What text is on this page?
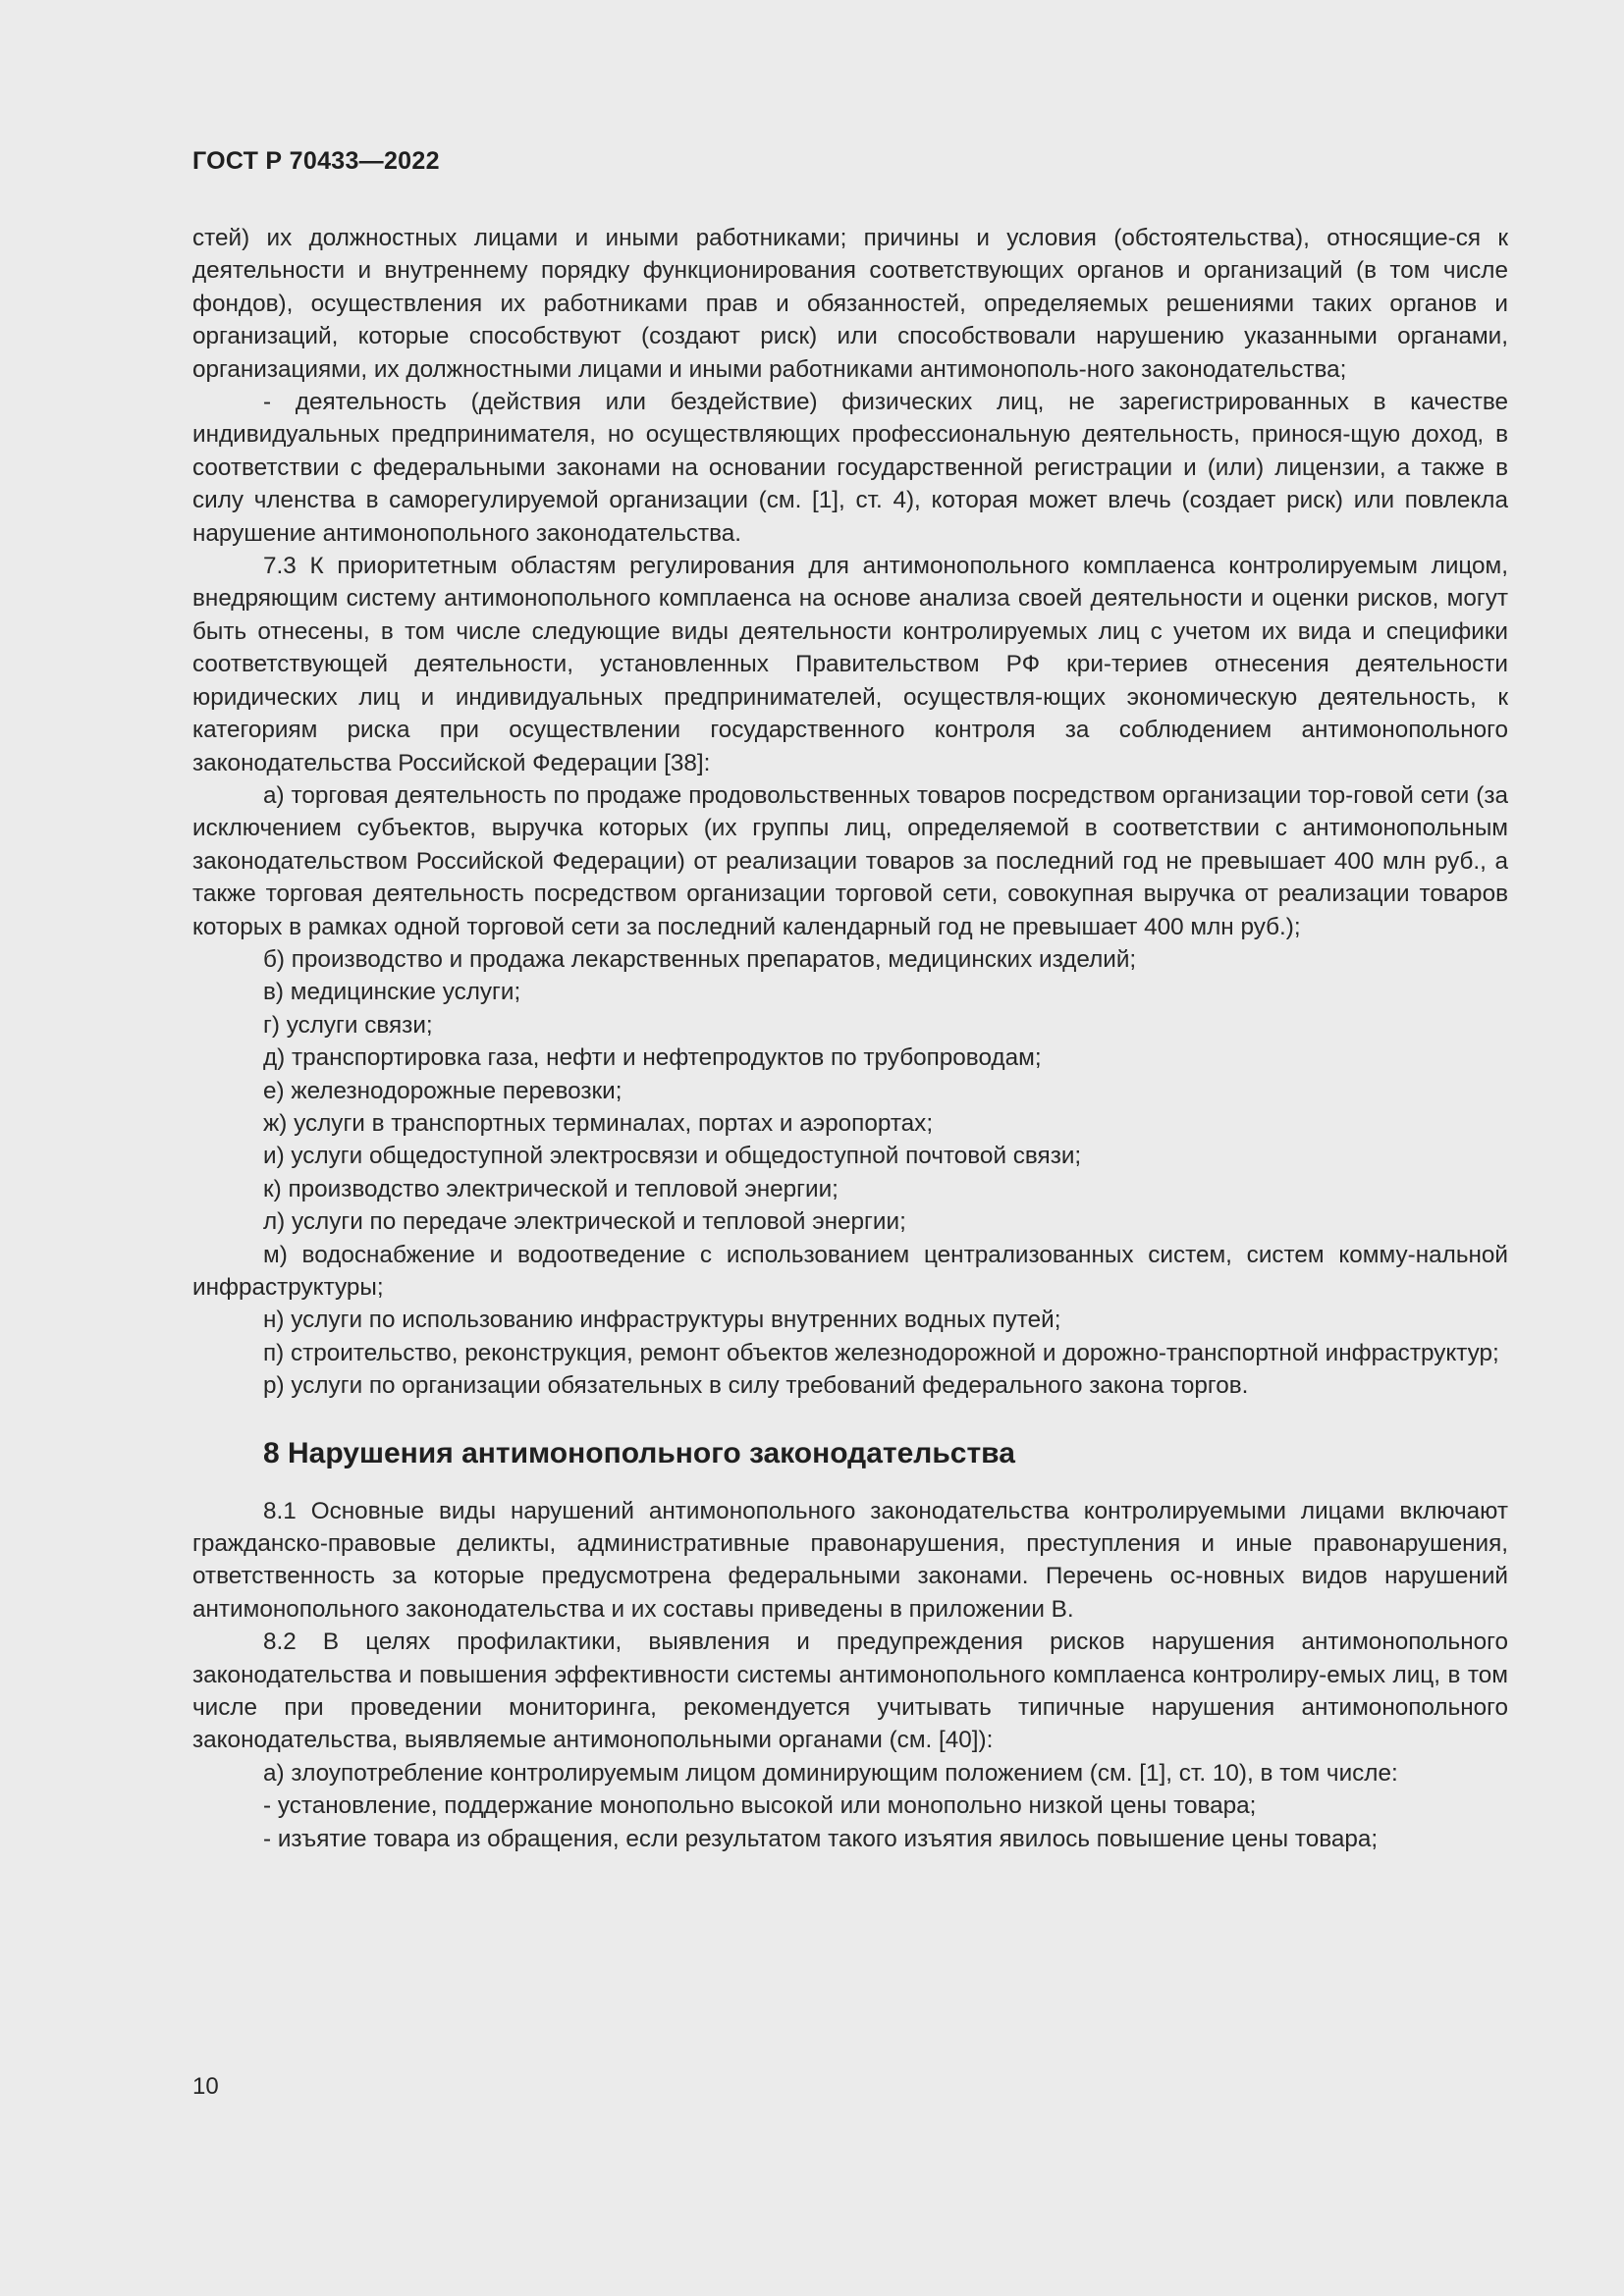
ГОСТ Р 70433—2022

стей) их должностных лицами и иными работниками; причины и условия (обстоятельства), относящие-ся к деятельности и внутреннему порядку функционирования соответствующих органов и организаций (в том числе фондов), осуществления их работниками прав и обязанностей, определяемых решениями таких органов и организаций, которые способствуют (создают риск) или способствовали нарушению указанными органами, организациями, их должностными лицами и иными работниками антимонополь-ного законодательства;

- деятельность (действия или бездействие) физических лиц, не зарегистрированных в качестве индивидуальных предпринимателя, но осуществляющих профессиональную деятельность, принося-щую доход, в соответствии с федеральными законами на основании государственной регистрации и (или) лицензии, а также в силу членства в саморегулируемой организации (см. [1], ст. 4), которая может влечь (создает риск) или повлекла нарушение антимонопольного законодательства.

7.3 К приоритетным областям регулирования для антимонопольного комплаенса контролируемым лицом, внедряющим систему антимонопольного комплаенса на основе анализа своей деятельности и оценки рисков, могут быть отнесены, в том числе следующие виды деятельности контролируемых лиц с учетом их вида и специфики соответствующей деятельности, установленных Правительством РФ кри-териев отнесения деятельности юридических лиц и индивидуальных предпринимателей, осуществля-ющих экономическую деятельность, к категориям риска при осуществлении государственного контроля за соблюдением антимонопольного законодательства Российской Федерации [38]:

а) торговая деятельность по продаже продовольственных товаров посредством организации тор-говой сети (за исключением субъектов, выручка которых (их группы лиц, определяемой в соответствии с антимонопольным законодательством Российской Федерации) от реализации товаров за последний год не превышает 400 млн руб., а также торговая деятельность посредством организации торговой сети, совокупная выручка от реализации товаров которых в рамках одной торговой сети за последний календарный год не превышает 400 млн руб.);

б) производство и продажа лекарственных препаратов, медицинских изделий;

в) медицинские услуги;

г) услуги связи;

д) транспортировка газа, нефти и нефтепродуктов по трубопроводам;

е) железнодорожные перевозки;

ж) услуги в транспортных терминалах, портах и аэропортах;

и) услуги общедоступной электросвязи и общедоступной почтовой связи;

к) производство электрической и тепловой энергии;

л) услуги по передаче электрической и тепловой энергии;

м) водоснабжение и водоотведение с использованием централизованных систем, систем комму-нальной инфраструктуры;

н) услуги по использованию инфраструктуры внутренних водных путей;

п) строительство, реконструкция, ремонт объектов железнодорожной и дорожно-транспортной инфраструктур;

р) услуги по организации обязательных в силу требований федерального закона торгов.

8 Нарушения антимонопольного законодательства

8.1 Основные виды нарушений антимонопольного законодательства контролируемыми лицами включают гражданско-правовые деликты, административные правонарушения, преступления и иные правонарушения, ответственность за которые предусмотрена федеральными законами. Перечень ос-новных видов нарушений антимонопольного законодательства и их составы приведены в приложении В.

8.2 В целях профилактики, выявления и предупреждения рисков нарушения антимонопольного законодательства и повышения эффективности системы антимонопольного комплаенса контролиру-емых лиц, в том числе при проведении мониторинга, рекомендуется учитывать типичные нарушения антимонопольного законодательства, выявляемые антимонопольными органами (см. [40]):

а) злоупотребление контролируемым лицом доминирующим положением (см. [1], ст. 10), в том числе:

- установление, поддержание монопольно высокой или монопольно низкой цены товара;

- изъятие товара из обращения, если результатом такого изъятия явилось повышение цены товара;

10
